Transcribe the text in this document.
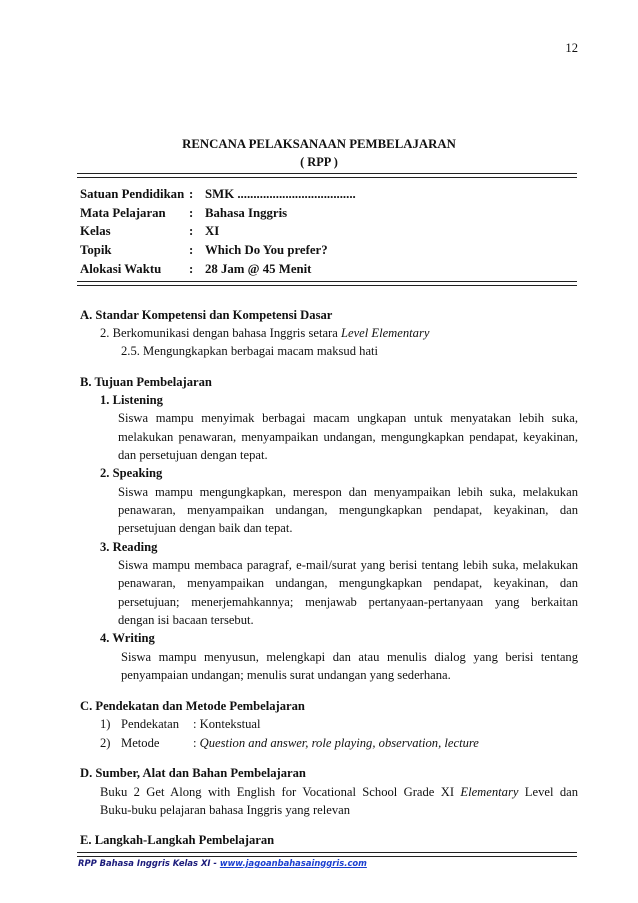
12
RENCANA PELAKSANAAN PEMBELAJARAN
( RPP )
Satuan Pendidikan : SMK .....................................
Mata Pelajaran : Bahasa Inggris
Kelas	: XI
Topik	: Which Do You prefer?
Alokasi Waktu : 28 Jam @ 45 Menit
A. Standar Kompetensi dan Kompetensi Dasar
2. Berkomunikasi dengan bahasa Inggris setara Level Elementary
2.5. Mengungkapkan berbagai macam maksud hati
B. Tujuan Pembelajaran
1. Listening
Siswa mampu menyimak berbagai macam ungkapan untuk menyatakan lebih suka,
melakukan penawaran, menyampaikan undangan, mengungkapkan pendapat, keyakinan,
dan persetujuan dengan tepat.
2. Speaking
Siswa mampu mengungkapkan, merespon dan menyampaikan lebih suka, melakukan
penawaran, menyampaikan undangan, mengungkapkan pendapat, keyakinan, dan
persetujuan dengan baik dan tepat.
3. Reading
Siswa mampu membaca paragraf, e-mail/surat yang berisi tentang lebih suka, melakukan
penawaran, menyampaikan undangan, mengungkapkan pendapat, keyakinan, dan
persetujuan; menerjemahkannya; menjawab pertanyaan-pertanyaan yang berkaitan
dengan isi bacaan tersebut.
4. Writing
Siswa mampu menyusun, melengkapi dan atau menulis dialog yang berisi tentang
penyampaian undangan; menulis surat undangan yang sederhana.
C. Pendekatan dan Metode Pembelajaran
1) Pendekatan : Kontekstual
2) Metode	: Question and answer, role playing, observation, lecture
D. Sumber, Alat dan Bahan Pembelajaran
Buku 2 Get Along with English for Vocational School Grade XI Elementary Level dan
Buku-buku pelajaran bahasa Inggris yang relevan
E. Langkah-Langkah Pembelajaran
RPP Bahasa Inggris Kelas XI - www.jagoanbahasainggris.com
